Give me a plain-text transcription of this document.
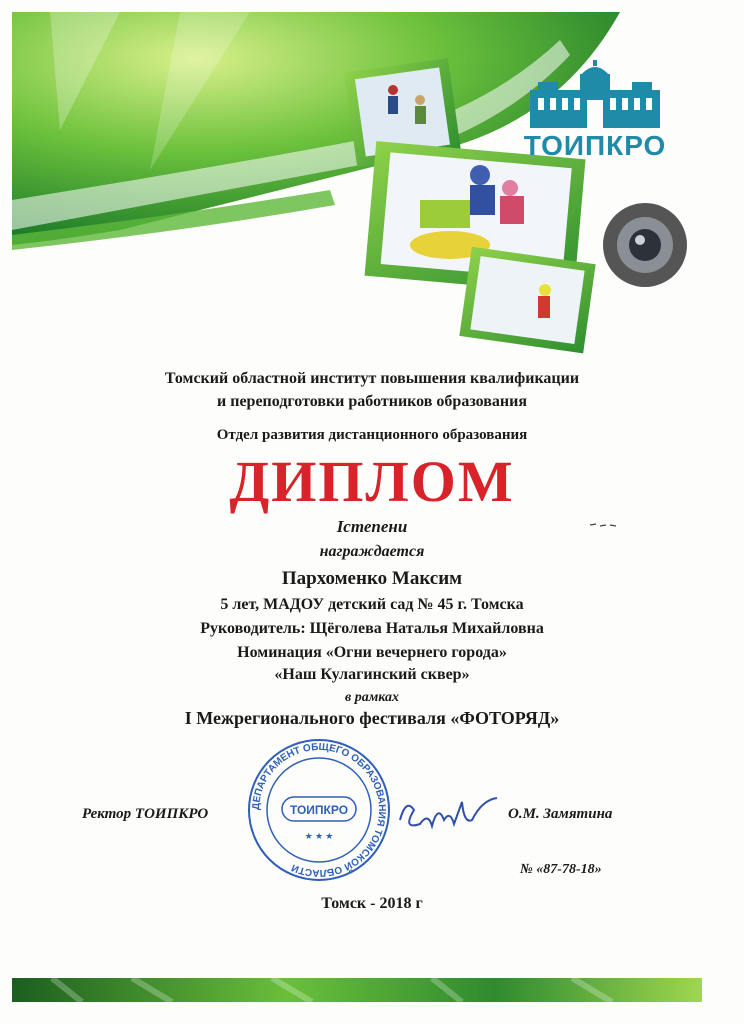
ТОИПКРО
Томский областной институт повышения квалификации
и переподготовки работников образования
Отдел развития дистанционного образования
ДИПЛОМ
Iстепени
награждается
Пархоменко Максим
5 лет, МАДОУ детский сад № 45 г. Томска
Руководитель: Щёголева Наталья Михайловна
Номинация «Огни вечернего города»
«Наш Кулагинский сквер»
в рамках
I Межрегионального фестиваля «ФОТОРЯД»
ДЕПАРТАМЕНТ ОБЩЕГО ОБРАЗОВАНИЯ ТОМСКОЙ ОБЛАСТИ
ТОИПКРО
★ ★ ★
Ректор ТОИПКРО	О.М. Замятина
№ «87-78-18»
Томск - 2018 г
